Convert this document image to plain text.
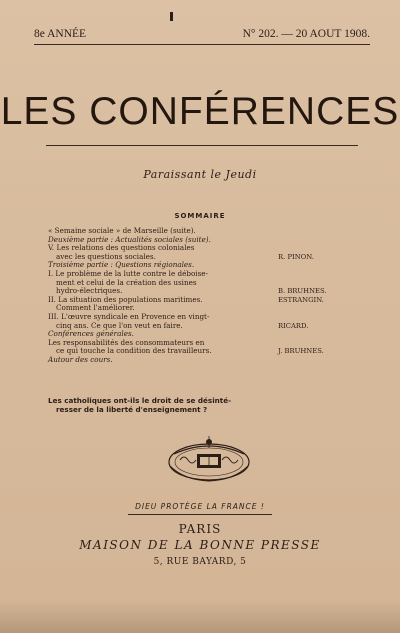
8e ANNÉE	N° 202. — 20 AOUT 1908.
LES CONFÉRENCES
Paraissant le Jeudi
SOMMAIRE
« Semaine sociale » de Marseille (suite).
Deuxième partie : Actualités sociales (suite).
V. Les relations des questions coloniales
avec les questions sociales.	R. PINON.
Troisième partie : Questions régionales.
I. Le problème de la lutte contre le déboise-
ment et celui de la création des usines
hydro-électriques.	B. BRUHNES.
II. La situation des populations maritimes.	ESTRANGIN.
Comment l'améliorer.
III. L'œuvre syndicale en Provence en vingt-
cinq ans. Ce que l'on veut en faire.	RICARD.
Conférences générales.
Les responsabilités des consommateurs en
ce qui touche la condition des travailleurs.	J. BRUHNES.
Autour des cours.
Les catholiques ont-ils le droit de se désinté-
resser de la liberté d'enseignement ?
DIEU PROTÈGE LA FRANCE !
PARIS
MAISON DE LA BONNE PRESSE
5, RUE BAYARD, 5
